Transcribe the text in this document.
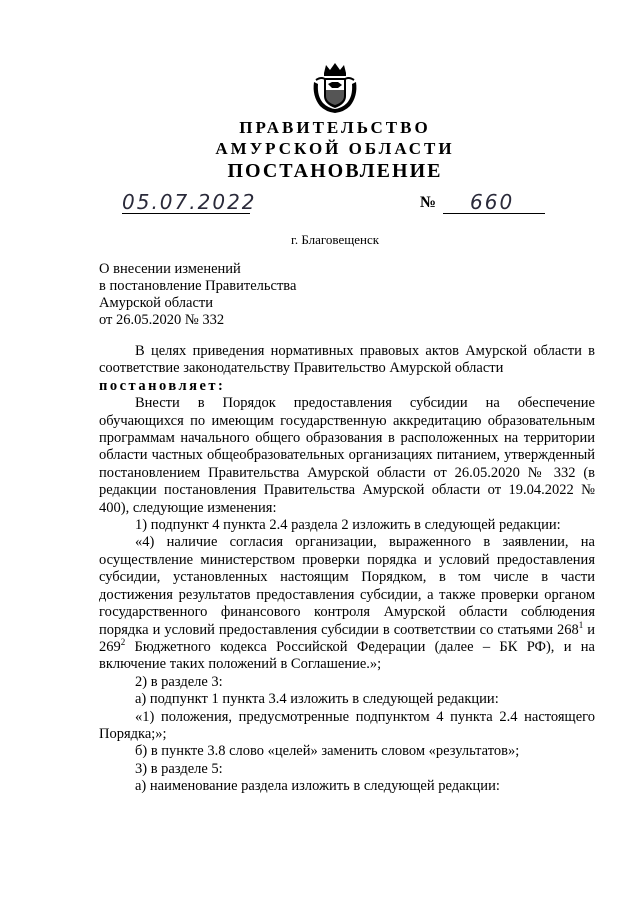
ПРАВИТЕЛЬСТВО
АМУРСКОЙ ОБЛАСТИ
ПОСТАНОВЛЕНИЕ
05.07.2022	№ 660
г. Благовещенск
О внесении изменений
в постановление Правительства
Амурской области
от 26.05.2020 № 332

В целях приведения нормативных правовых актов Амурской области в соответствие законодательству Правительство Амурской области

постановляет:

Внести в Порядок предоставления субсидии на обеспечение обучающихся по имеющим государственную аккредитацию образовательным программам начального общего образования в расположенных на территории области частных общеобразовательных организациях питанием, утвержденный постановлением Правительства Амурской области от 26.05.2020 № 332 (в редакции постановления Правительства Амурской области от 19.04.2022 № 400), следующие изменения:

1) подпункт 4 пункта 2.4 раздела 2 изложить в следующей редакции:

«4) наличие согласия организации, выраженного в заявлении, на осуществление министерством проверки порядка и условий предоставления субсидии, установленных настоящим Порядком, в том числе в части достижения результатов предоставления субсидии, а также проверки органом государственного финансового контроля Амурской области соблюдения порядка и условий предоставления субсидии в соответствии со статьями $268^1$ и $269^2$ Бюджетного кодекса Российской Федерации (далее – БК РФ), и на включение таких положений в Соглашение.»;

2) в разделе 3:

а) подпункт 1 пункта 3.4 изложить в следующей редакции:

«1) положения, предусмотренные подпунктом 4 пункта 2.4 настоящего Порядка;»;

б) в пункте 3.8 слово «целей» заменить словом «результатов»;

3) в разделе 5:

а) наименование раздела изложить в следующей редакции:
